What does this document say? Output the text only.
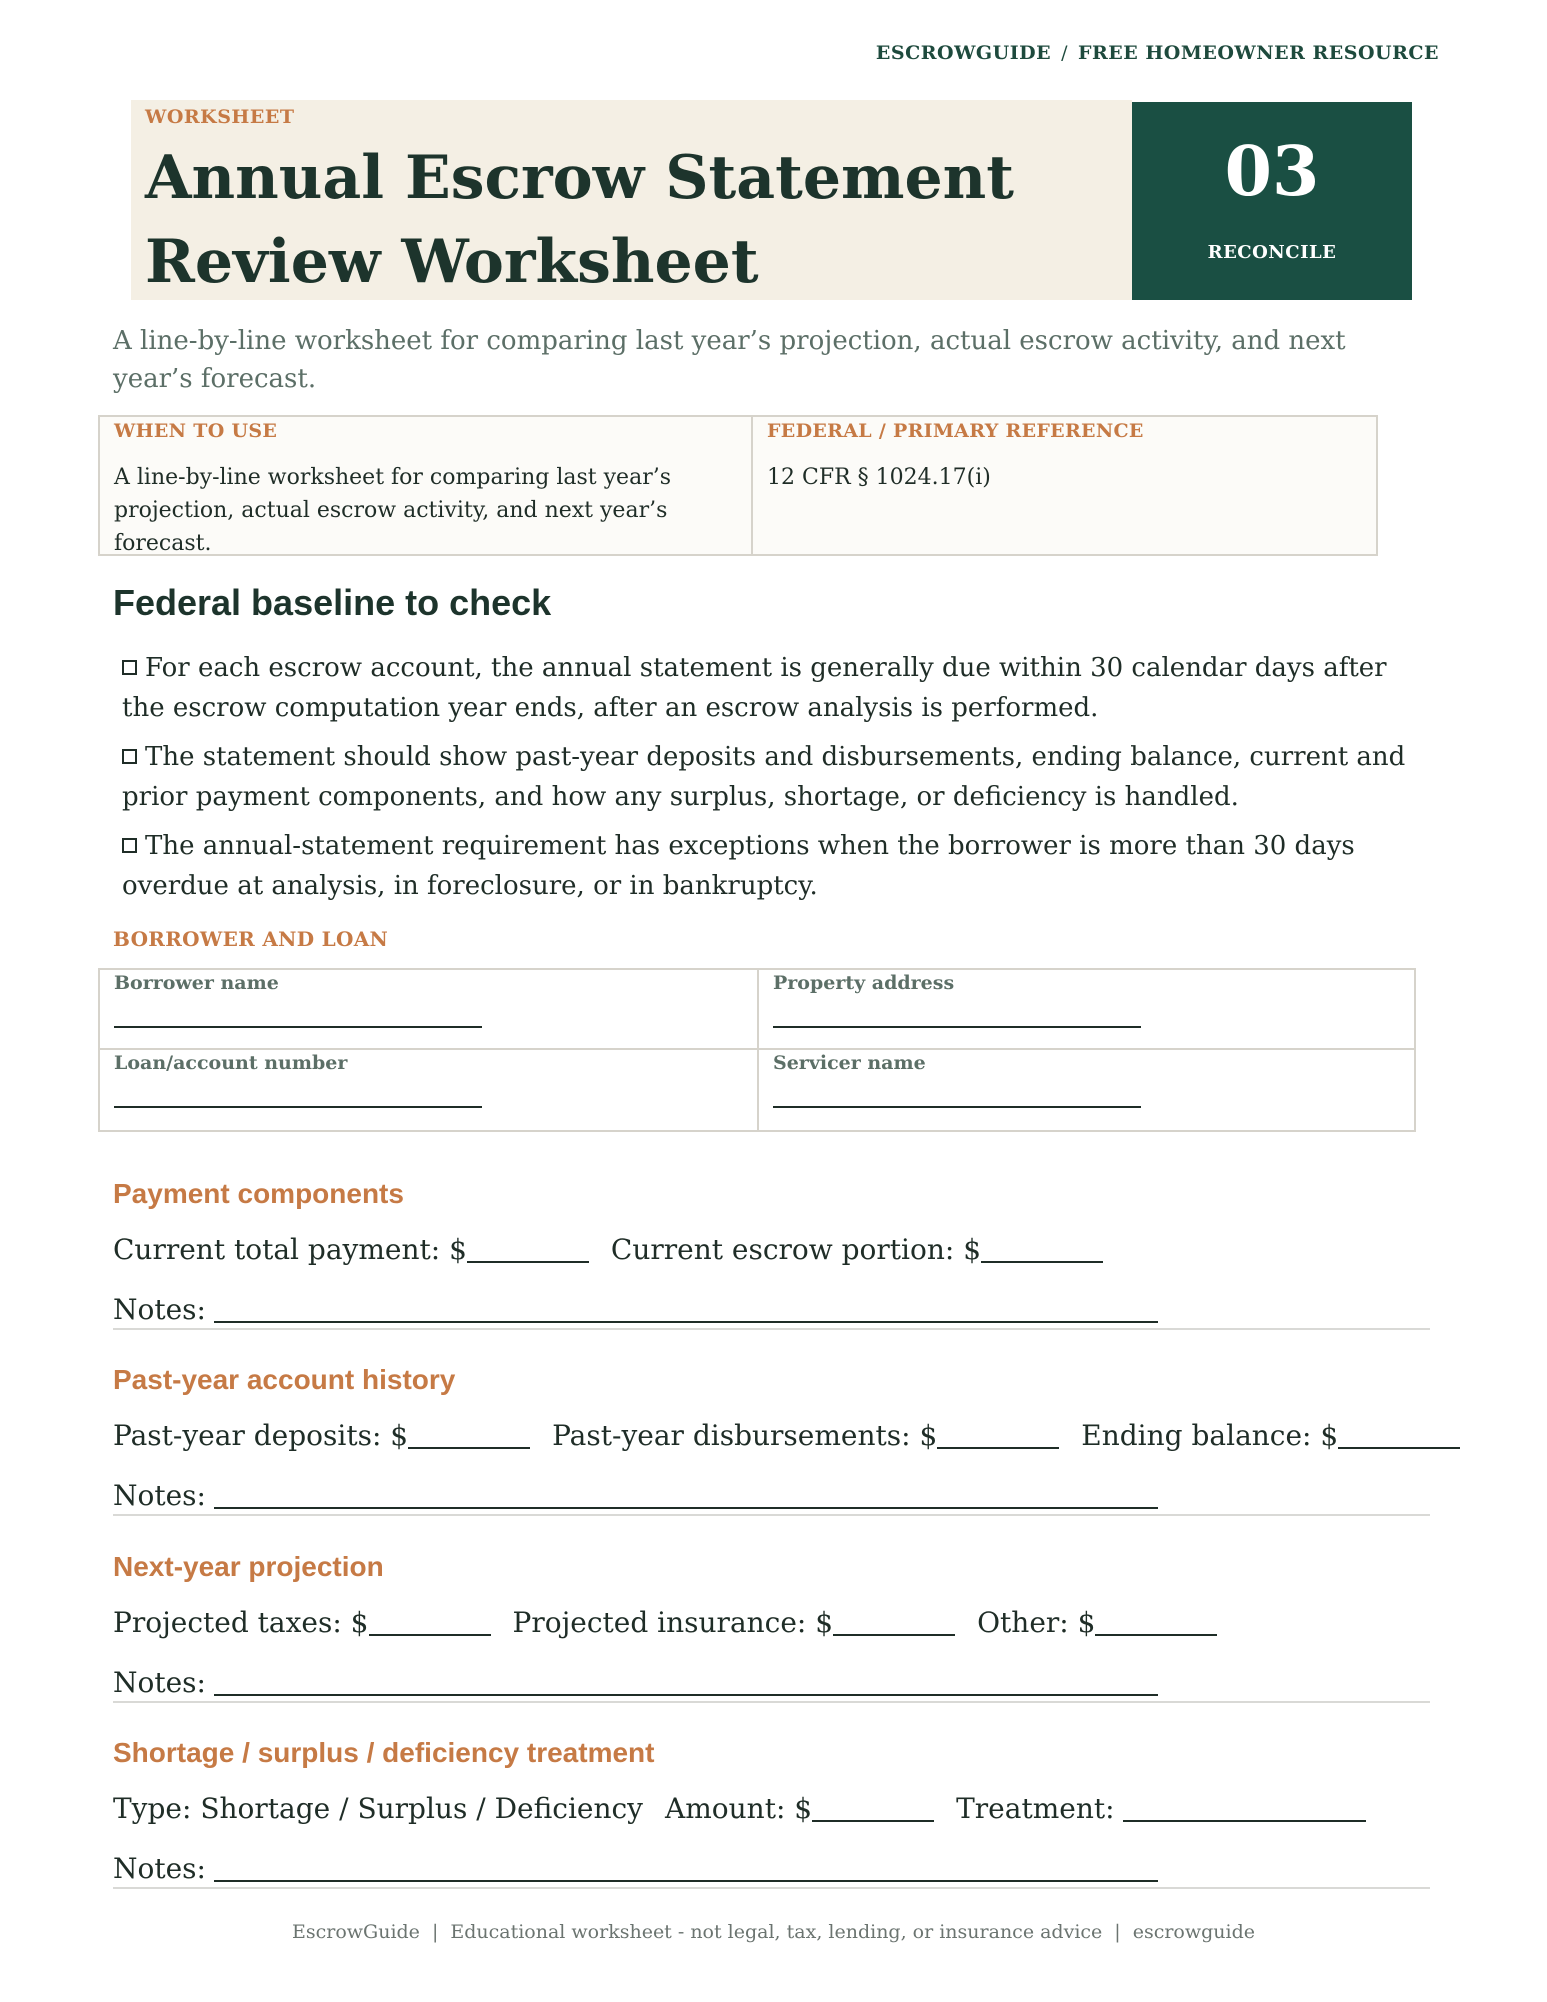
ESCROWGUIDE / FREE HOMEOWNER RESOURCE
WORKSHEET
Annual Escrow Statement Review Worksheet
03
RECONCILE
A line-by-line worksheet for comparing last year’s projection, actual escrow activity, and next year’s forecast.
WHEN TO USE
A line-by-line worksheet for comparing last year’s projection, actual escrow activity, and next year’s forecast.
FEDERAL / PRIMARY REFERENCE
12 CFR § 1024.17(i)
Federal baseline to check
For each escrow account, the annual statement is generally due within 30 calendar days after the escrow computation year ends, after an escrow analysis is performed.
The statement should show past-year deposits and disbursements, ending balance, current and prior payment components, and how any surplus, shortage, or deficiency is handled.
The annual-statement requirement has exceptions when the borrower is more than 30 days overdue at analysis, in foreclosure, or in bankruptcy.
BORROWER AND LOAN
Borrower name	Property address
Loan/account number	Servicer name
Payment components
Current total payment: $	Current escrow portion: $
Notes:
Past-year account history
Past-year deposits: $	Past-year disbursements: $	Ending balance: $
Notes:
Next-year projection
Projected taxes: $	Projected insurance: $	Other: $
Notes:
Shortage / surplus / deficiency treatment
Type: Shortage / Surplus / Deficiency Amount: $	Treatment:
Notes:
EscrowGuide | Educational worksheet - not legal, tax, lending, or insurance advice | escrowguide
